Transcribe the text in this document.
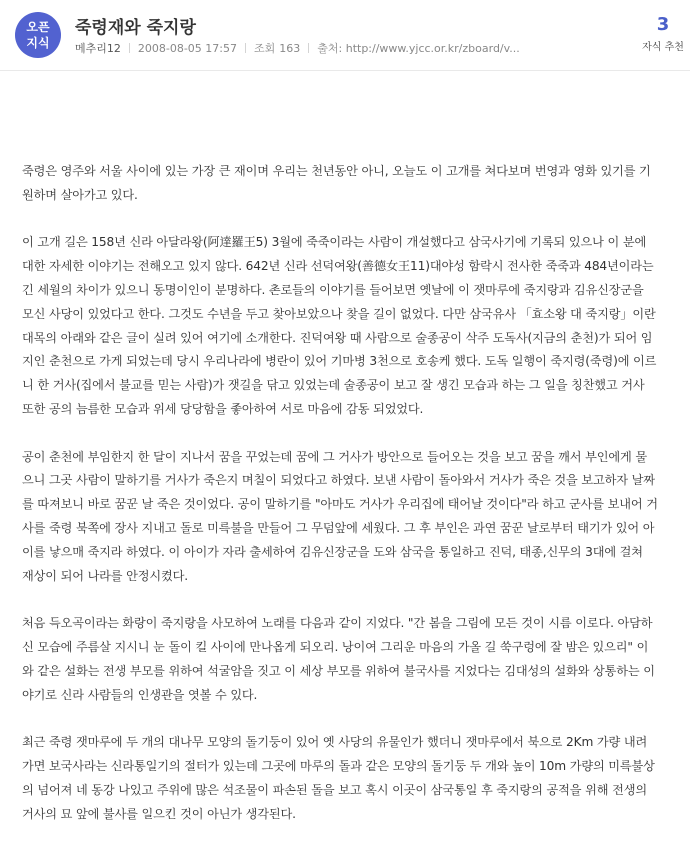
오픈 지식
죽령재와 죽지랑
메추리12 2008-08-05 17:57 조회 163 출처: http://www.yjcc.or.kr/zboard/v...
3
자식 추천

죽령은 영주와 서울 사이에 있는 가장 큰 재이며 우리는 천년동안 아니, 오늘도 이 고개를 쳐다보며 번영과 영화 있기를 기원하며 살아가고 있다.

이 고개 길은 158년 신라 아달라왕(阿達羅王5) 3월에 죽죽이라는 사람이 개설했다고 삼국사기에 기록되 있으나 이 분에 대한 자세한 이야기는 전해오고 있지 않다. 642년 신라 선덕여왕(善德女王11)대야성 함락시 전사한 죽죽과 484년이라는 긴 세월의 차이가 있으니 동명이인이 분명하다. 촌로들의 이야기를 들어보면 옛날에 이 잿마루에 죽지랑과 김유신장군을 모신 사당이 있었다고 한다. 그것도 수년을 두고 찾아보았으나 찾을 길이 없었다. 다만 삼국유사 「효소왕 대 죽지랑」이란 대목의 아래와 같은 글이 실려 있어 여기에 소개한다. 진덕여왕 때 사람으로 술종공이 삭주 도독사(지금의 춘천)가 되어 임지인 춘천으로 가게 되었는데 당시 우리나라에 병란이 있어 기마병 3천으로 호송케 했다. 도독 일행이 죽지령(죽령)에 이르니 한 거사(집에서 불교를 믿는 사람)가 잿길을 닦고 있었는데 술종공이 보고 잘 생긴 모습과 하는 그 일을 칭찬했고 거사 또한 공의 늠름한 모습과 위세 당당함을 좋아하여 서로 마음에 감동 되었었다.

공이 춘천에 부임한지 한 달이 지나서 꿈을 꾸었는데 꿈에 그 거사가 방안으로 들어오는 것을 보고 꿈을 깨서 부인에게 물으니 그곳 사람이 말하기를 거사가 죽은지 며칠이 되었다고 하였다. 보낸 사람이 돌아와서 거사가 죽은 것을 보고하자 날짜를 따져보니 바로 꿈꾼 날 죽은 것이었다. 공이 말하기를 "아마도 거사가 우리집에 태어날 것이다"라 하고 군사를 보내어 거사를 죽령 북쪽에 장사 지내고 돌로 미륵불을 만들어 그 무덤앞에 세웠다. 그 후 부인은 과연 꿈꾼 날로부터 태기가 있어 아이를 낳으매 죽지라 하였다. 이 아이가 자라 출세하여 김유신장군을 도와 삼국을 통일하고 진덕, 태종,신무의 3대에 걸쳐 재상이 되어 나라를 안정시켰다.

처음 득오곡이라는 화랑이 죽지랑을 사모하여 노래를 다음과 같이 지었다. "간 봄을 그림에 모든 것이 시름 이로다. 아담하신 모습에 주름살 지시니 눈 돌이 킬 사이에 만나옵게 되오리. 낭이여 그리운 마음의 가올 길 쑥구렁에 잘 밤은 있으리" 이와 같은 설화는 전생 부모를 위하여 석굴암을 짓고 이 세상 부모를 위하여 불국사를 지었다는 김대성의 설화와 상통하는 이야기로 신라 사람들의 인생관을 엿볼 수 있다.

최근 죽령 잿마루에 두 개의 대나무 모양의 돌기둥이 있어 옛 사당의 유물인가 했더니 잿마루에서 북으로 2Km 가량 내려가면 보국사라는 신라통일기의 절터가 있는데 그곳에 마루의 돌과 같은 모양의 돌기둥 두 개와 높이 10m 가량의 미륵불상의 넘어져 네 동강 나있고 주위에 많은 석조물이 파손된 돌을 보고 혹시 이곳이 삼국통일 후 죽지랑의 공적을 위해 전생의 거사의 묘 앞에 불사를 일으킨 것이 아닌가 생각된다.
